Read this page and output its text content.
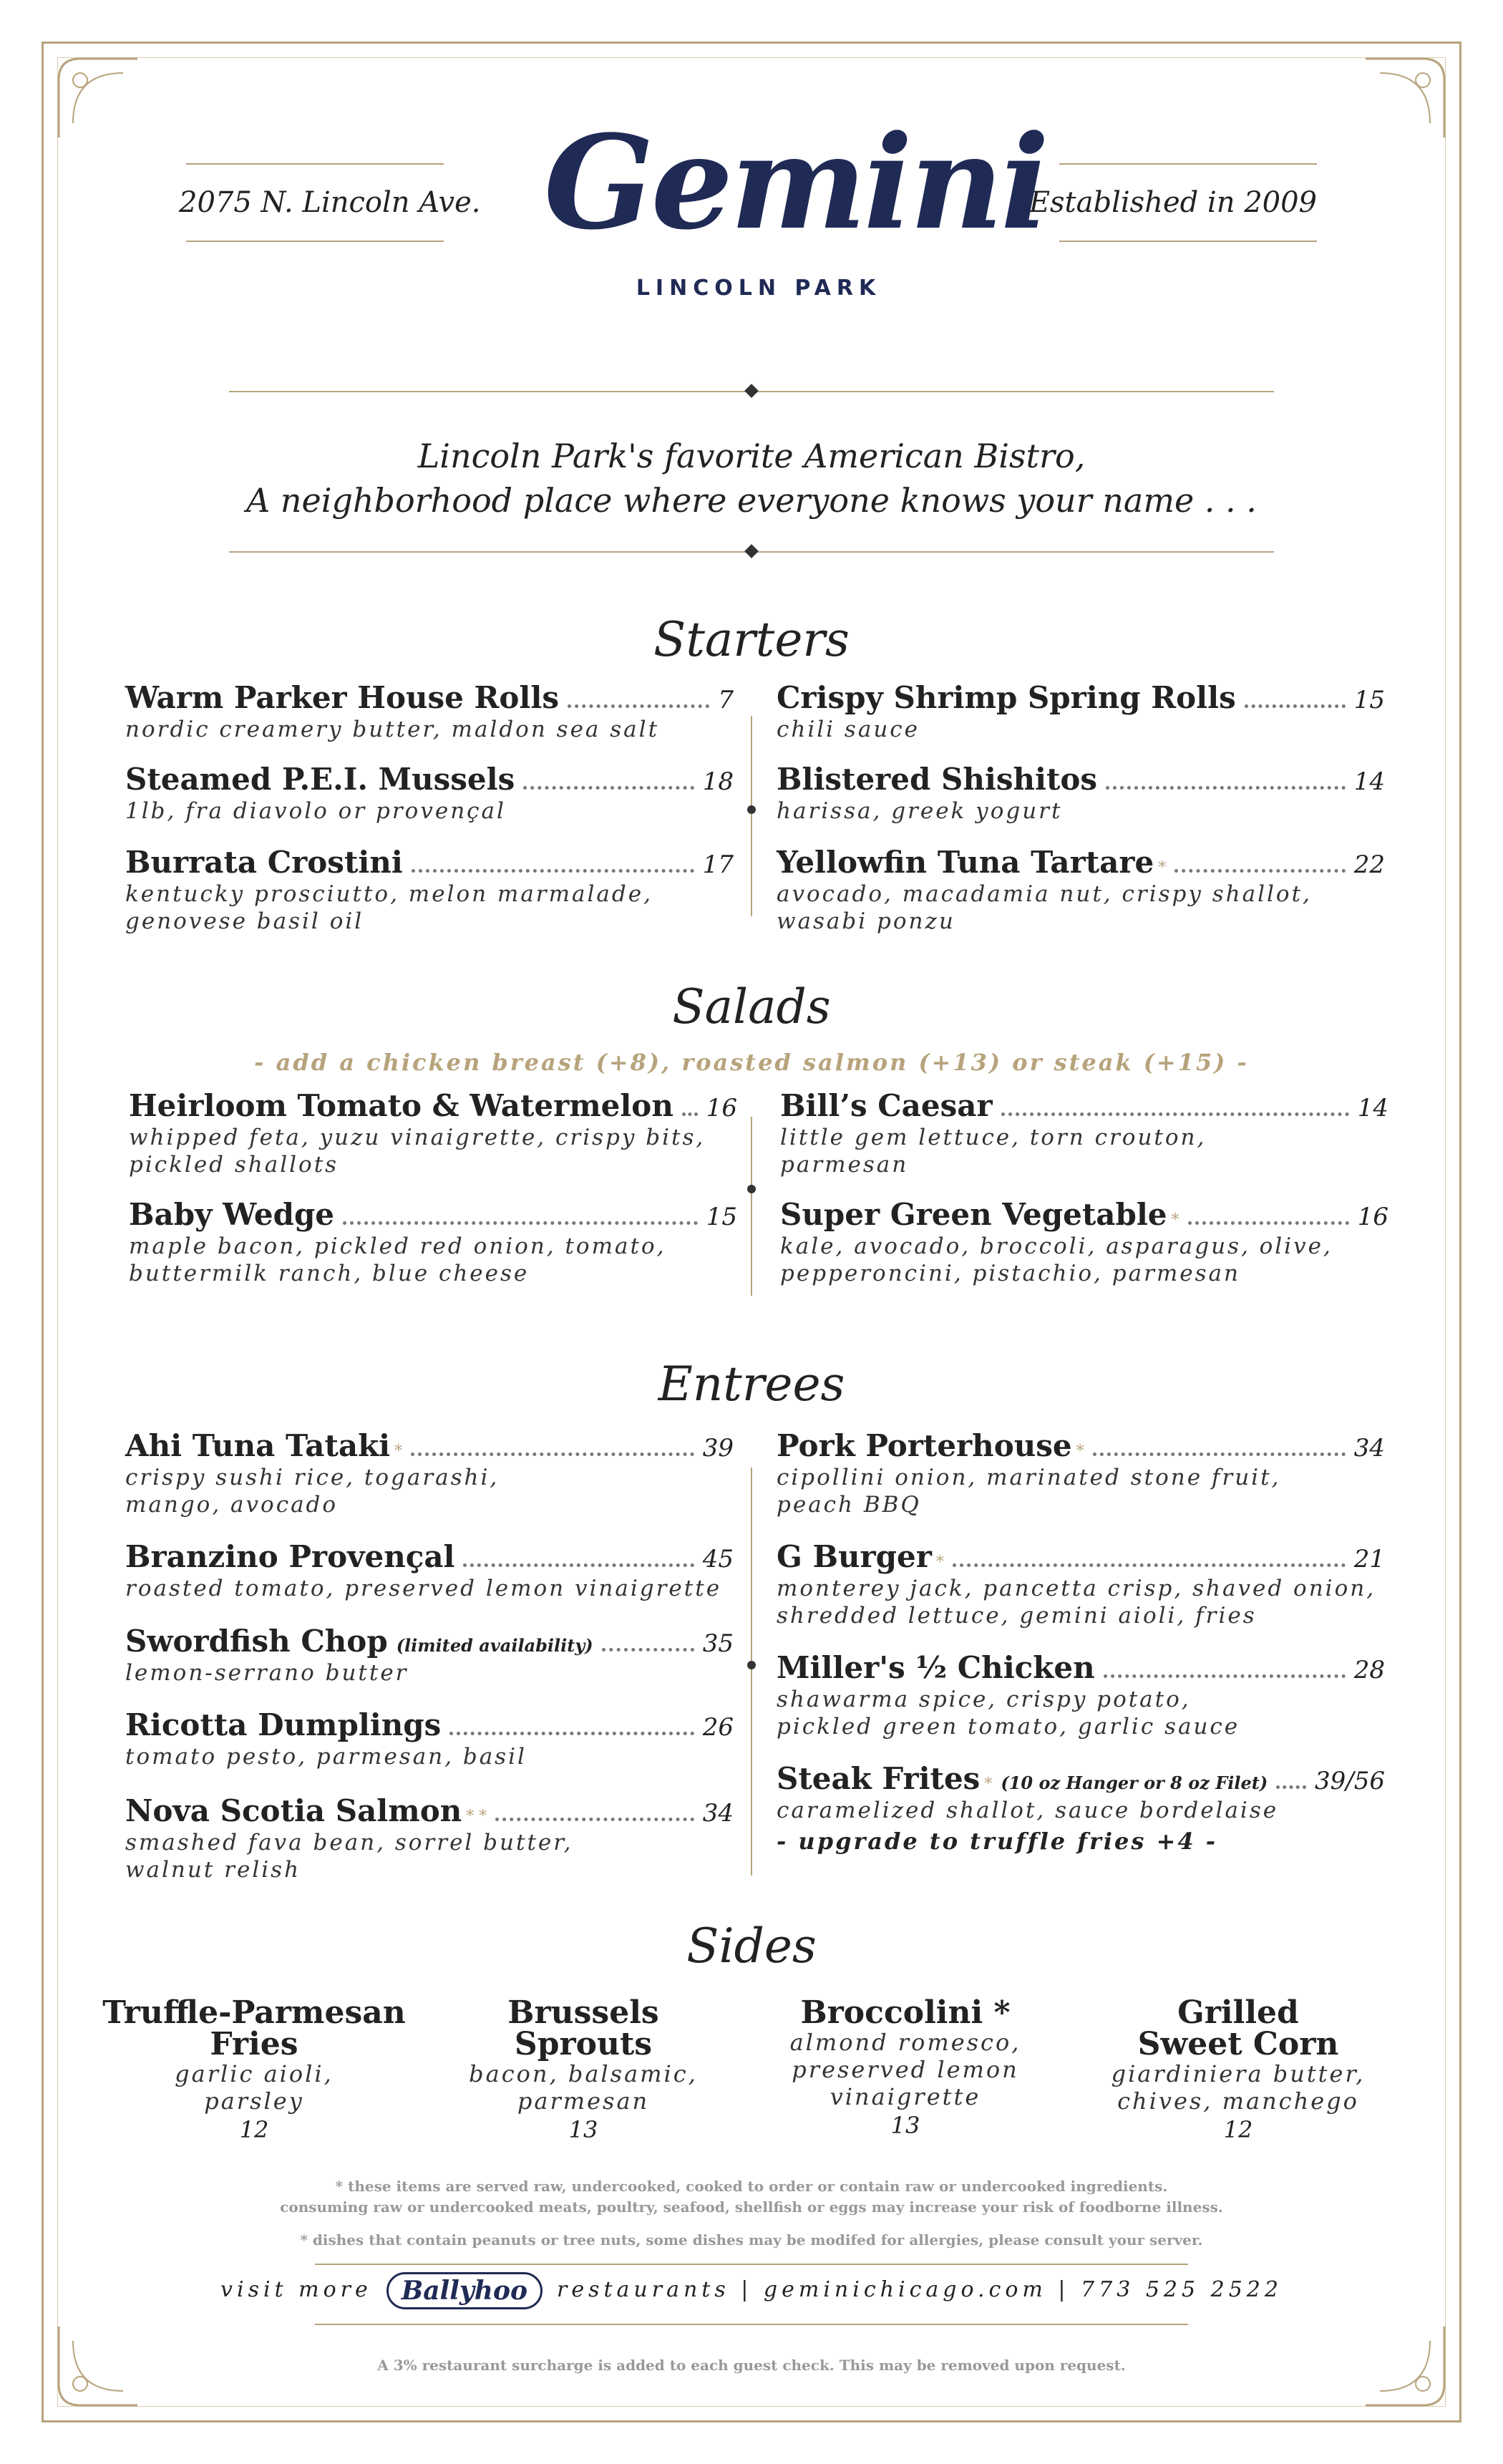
2075 N. Lincoln Ave.	Established in 2009
Gemini
LINCOLN PARK
Lincoln Park's favorite American Bistro,
A neighborhood place where everyone knows your name . . .
Starters
Warm Parker House Rolls	7
nordic creamery butter, maldon sea salt
Steamed P.E.I. Mussels	18
1lb, fra diavolo or provençal
Burrata Crostini	17
kentucky prosciutto, melon marmalade,
genovese basil oil
Crispy Shrimp Spring Rolls	15
chili sauce
Blistered Shishitos	14
harissa, greek yogurt
Yellowfin Tuna Tartare *	22
avocado, macadamia nut, crispy shallot,
wasabi ponzu
Salads
- add a chicken breast (+8), roasted salmon (+13) or steak (+15) -
Heirloom Tomato & Watermelon 16
whipped feta, yuzu vinaigrette, crispy bits,
pickled shallots
Baby Wedge	15
maple bacon, pickled red onion, tomato,
buttermilk ranch, blue cheese
Bill’s Caesar	14
little gem lettuce, torn crouton,
parmesan
Super Green Vegetable *	16
kale, avocado, broccoli, asparagus, olive,
pepperoncini, pistachio, parmesan
Entrees
Ahi Tuna Tataki *	39
crispy sushi rice, togarashi,
mango, avocado
Branzino Provençal	45
roasted tomato, preserved lemon vinaigrette
Swordfish Chop (limited availability)	35
lemon-serrano butter
Ricotta Dumplings	26
tomato pesto, parmesan, basil
Nova Scotia Salmon * *	34
smashed fava bean, sorrel butter,
walnut relish
Pork Porterhouse *	34
cipollini onion, marinated stone fruit,
peach BBQ
G Burger *	21
monterey jack, pancetta crisp, shaved onion,
shredded lettuce, gemini aioli, fries
Miller's ½ Chicken	28
shawarma spice, crispy potato,
pickled green tomato, garlic sauce
Steak Frites * (10 oz Hanger or 8 oz Filet) 39/56
caramelized shallot, sauce bordelaise
- upgrade to truffle fries +4 -
Sides
Truffle-Parmesan
Fries
garlic aioli,
parsley
12
Brussels
Sprouts
bacon, balsamic,
parmesan
13
Broccolini *
almond romesco,
preserved lemon
vinaigrette
13
Grilled
Sweet Corn
giardiniera butter,
chives, manchego
12
* these items are served raw, undercooked, cooked to order or contain raw or undercooked ingredients.
consuming raw or undercooked meats, poultry, seafood, shellfish or eggs may increase your risk of foodborne illness.
* dishes that contain peanuts or tree nuts, some dishes may be modifed for allergies, please consult your server.
visit more Ballyhoo restaurants | geminichicago.com | 773 525 2522
A 3% restaurant surcharge is added to each guest check. This may be removed upon request.
